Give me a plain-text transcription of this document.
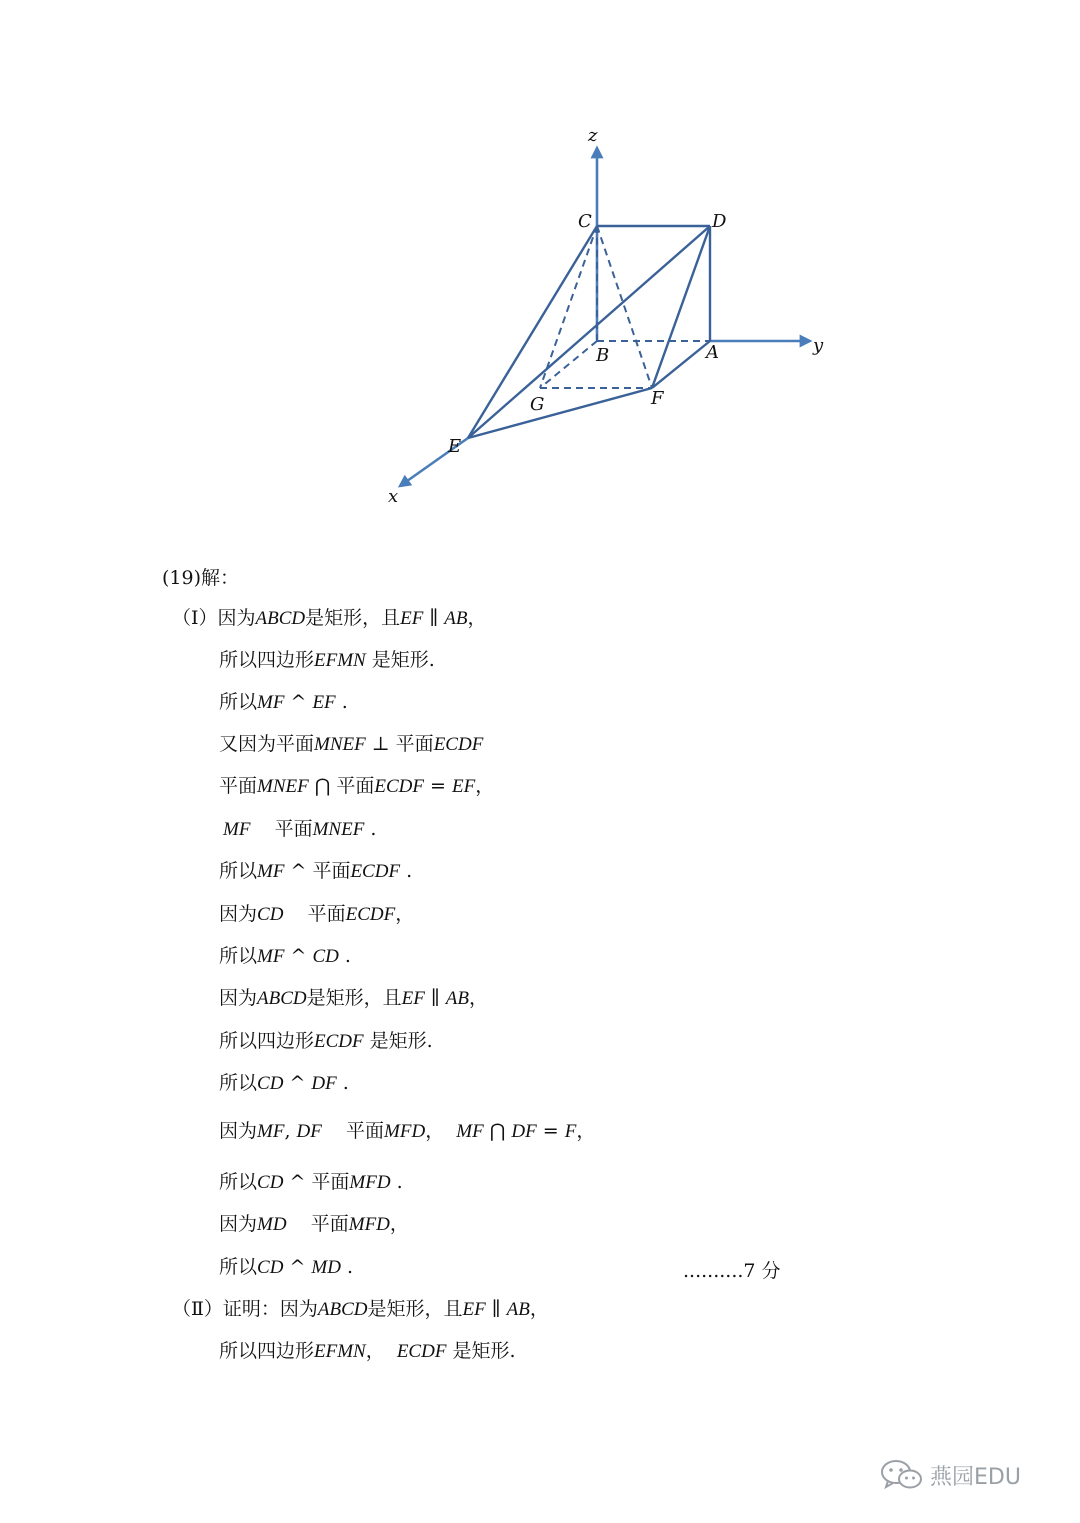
z
y
x
C	D
B	A
G	F
E
(19)解：
（Ⅰ）因为ABCD是矩形，且EF ∥ AB，
所以四边形EFMN 是矩形.
所以MF ^ EF .
又因为平面MNEF ⊥ 平面ECDF
平面MNEF ⋂ 平面ECDF = EF，
MF    平面MNEF .
所以MF ^ 平面ECDF .
因为CD    平面ECDF，
所以MF ^ CD .
因为ABCD是矩形，且EF ∥ AB，
所以四边形ECDF 是矩形.
所以CD ^ DF .
因为MF, DF    平面MFD，  MF ⋂ DF = F，
所以CD ^ 平面MFD .
因为MD    平面MFD，
所以CD ^ MD .	..........7 分
（Ⅱ）证明：因为ABCD是矩形，且EF ∥ AB，
所以四边形EFMN，  ECDF 是矩形.
燕园EDU
